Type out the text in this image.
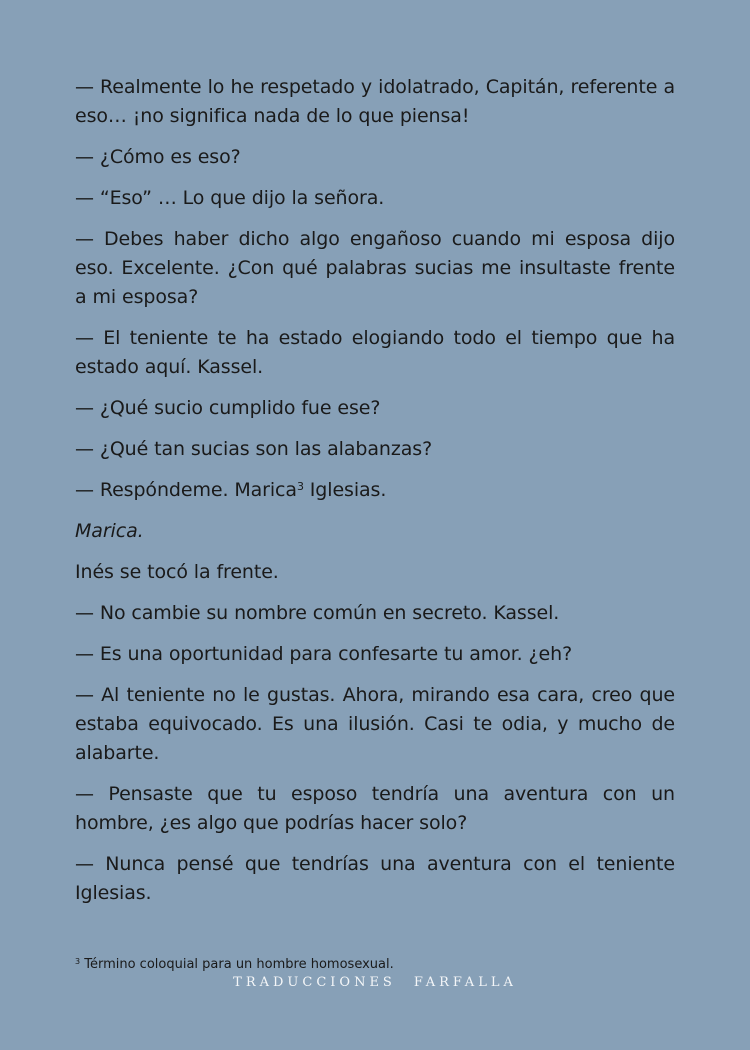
— Realmente lo he respetado y idolatrado, Capitán, referente a eso… ¡no significa nada de lo que piensa!

— ¿Cómo es eso?

— “Eso” … Lo que dijo la señora.

— Debes haber dicho algo engañoso cuando mi esposa dijo eso. Excelente. ¿Con qué palabras sucias me insultaste frente a mi esposa?

— El teniente te ha estado elogiando todo el tiempo que ha estado aquí. Kassel.

— ¿Qué sucio cumplido fue ese?

— ¿Qué tan sucias son las alabanzas?

— Respóndeme. Marica$^3$ Iglesias.

Marica.

Inés se tocó la frente.

— No cambie su nombre común en secreto. Kassel.

— Es una oportunidad para confesarte tu amor. ¿eh?

— Al teniente no le gustas. Ahora, mirando esa cara, creo que estaba equivocado. Es una ilusión. Casi te odia, y mucho de alabarte.

— Pensaste que tu esposo tendría una aventura con un hombre, ¿es algo que podrías hacer solo?

— Nunca pensé que tendrías una aventura con el teniente Iglesias.

$^3$ Término coloquial para un hombre homosexual.
TRADUCCIONES FARFALLA
